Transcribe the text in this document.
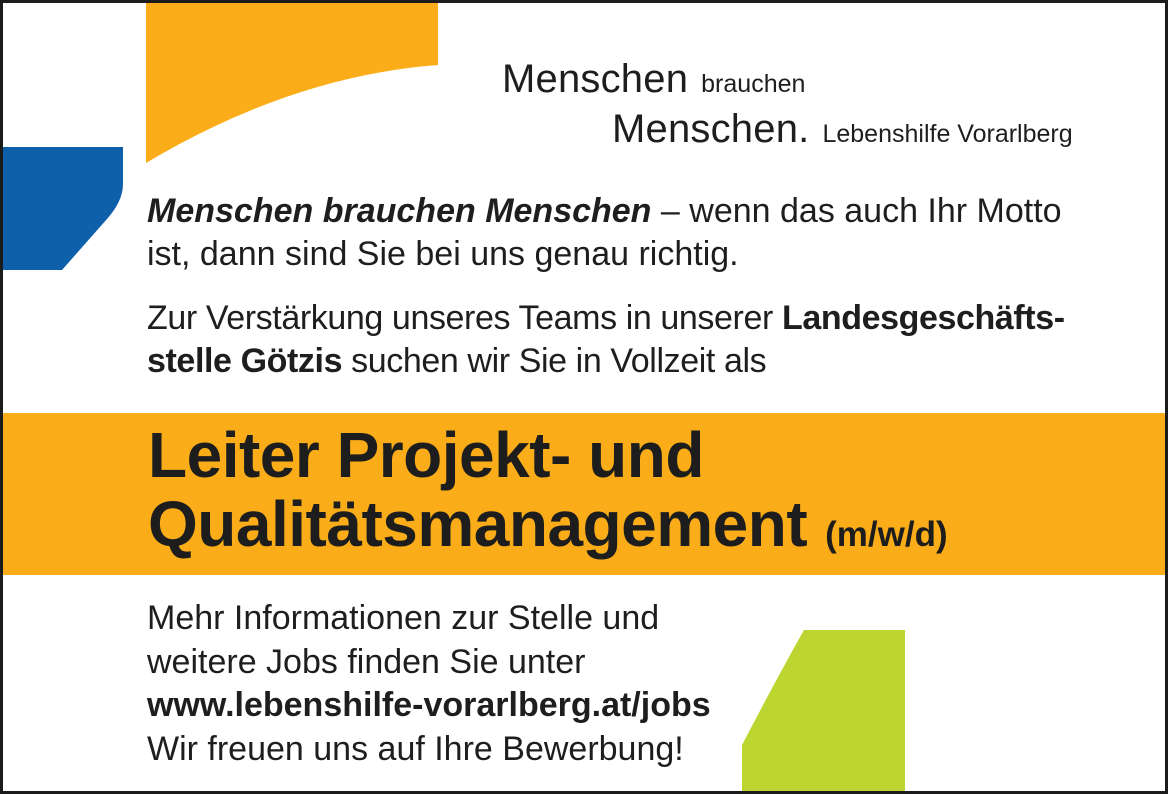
Menschen brauchen
Menschen. Lebenshilfe Vorarlberg
Menschen brauchen Menschen – wenn das auch Ihr Motto
ist, dann sind Sie bei uns genau richtig.
Zur Verstärkung unseres Teams in unserer Landesgeschäfts-
stelle Götzis suchen wir Sie in Vollzeit als
Leiter Projekt- und
Qualitätsmanagement (m/w/d)
Mehr Informationen zur Stelle und
weitere Jobs finden Sie unter
www.lebenshilfe-vorarlberg.at/jobs
Wir freuen uns auf Ihre Bewerbung!
